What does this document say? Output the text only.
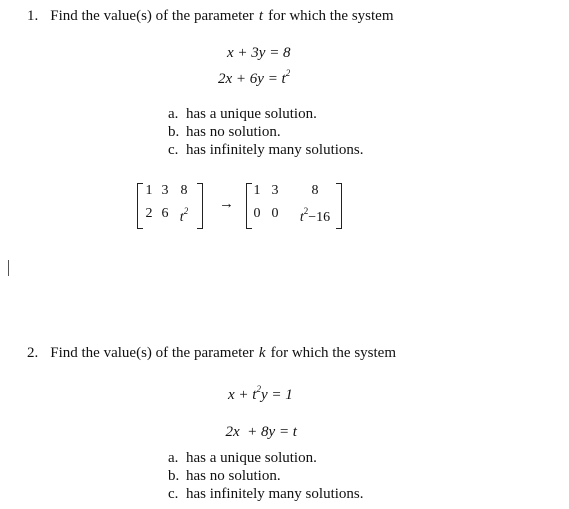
1. Find the value(s) of the parameter t for which the system
x + 3y = 8
$2x + 6y = t^2$
a. has a unique solution.
b. has no solution.
c. has infinitely many solutions.
1 3 8
2 6 $t^2$	→
1 3	8
0 0	$t^2-16$
2. Find the value(s) of the parameter k for which the system
$x + t^2y = 1$

2x  + 8y = t

a. has a unique solution.
b. has no solution.
c. has infinitely many solutions.
